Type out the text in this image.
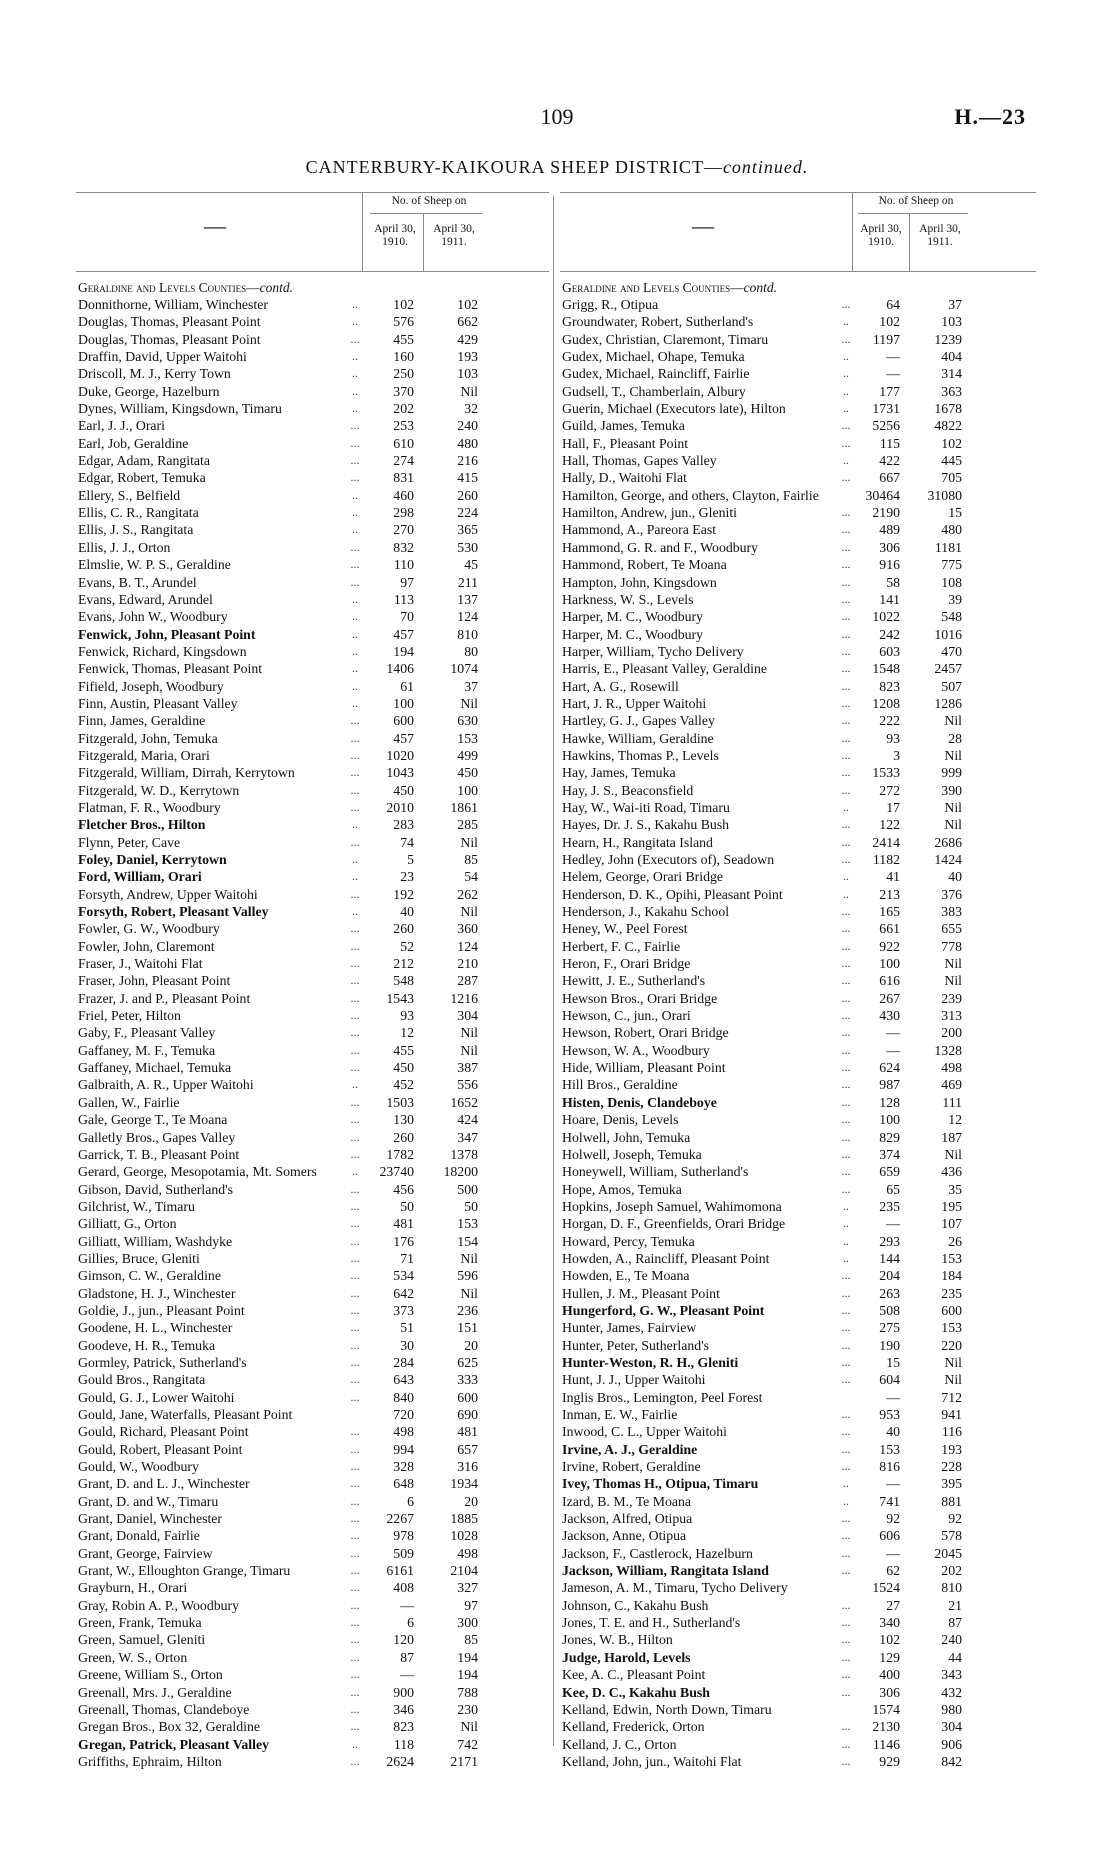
109	H.—23
CANTERBURY-KAIKOURA SHEEP DISTRICT—continued.
—
No. of Sheep on
April 30,
1910.
April 30,
1911.
Geraldine and Levels Counties—contd.
Donnithorne, William, Winchester	..	102	102
Douglas, Thomas, Pleasant Point	..	576	662
Douglas, Thomas, Pleasant Point	...	455	429
Draffin, David, Upper Waitohi	..	160	193
Driscoll, M. J., Kerry Town	..	250	103
Duke, George, Hazelburn	..	370	Nil
Dynes, William, Kingsdown, Timaru	..	202	32
Earl, J. J., Orari	...	253	240
Earl, Job, Geraldine	...	610	480
Edgar, Adam, Rangitata	...	274	216
Edgar, Robert, Temuka	...	831	415
Ellery, S., Belfield	..	460	260
Ellis, C. R., Rangitata	..	298	224
Ellis, J. S., Rangitata	..	270	365
Ellis, J. J., Orton	...	832	530
Elmslie, W. P. S., Geraldine	...	110	45
Evans, B. T., Arundel	...	97	211
Evans, Edward, Arundel	..	113	137
Evans, John W., Woodbury	..	70	124
Fenwick, John, Pleasant Point	..	457	810
Fenwick, Richard, Kingsdown	..	194	80
Fenwick, Thomas, Pleasant Point	..	1406	1074
Fifield, Joseph, Woodbury	..	61	37
Finn, Austin, Pleasant Valley	..	100	Nil
Finn, James, Geraldine	...	600	630
Fitzgerald, John, Temuka	...	457	153
Fitzgerald, Maria, Orari	...	1020	499
Fitzgerald, William, Dirrah, Kerrytown	...	1043	450
Fitzgerald, W. D., Kerrytown	...	450	100
Flatman, F. R., Woodbury	...	2010	1861
Fletcher Bros., Hilton	..	283	285
Flynn, Peter, Cave	...	74	Nil
Foley, Daniel, Kerrytown	..	5	85
Ford, William, Orari	..	23	54
Forsyth, Andrew, Upper Waitohi	...	192	262
Forsyth, Robert, Pleasant Valley	..	40	Nil
Fowler, G. W., Woodbury	...	260	360
Fowler, John, Claremont	...	52	124
Fraser, J., Waitohi Flat	...	212	210
Fraser, John, Pleasant Point	...	548	287
Frazer, J. and P., Pleasant Point	...	1543	1216
Friel, Peter, Hilton	...	93	304
Gaby, F., Pleasant Valley	...	12	Nil
Gaffaney, M. F., Temuka	...	455	Nil
Gaffaney, Michael, Temuka	...	450	387
Galbraith, A. R., Upper Waitohi	..	452	556
Gallen, W., Fairlie	...	1503	1652
Gale, George T., Te Moana	...	130	424
Galletly Bros., Gapes Valley	...	260	347
Garrick, T. B., Pleasant Point	...	1782	1378
Gerard, George, Mesopotamia, Mt. Somers	..	23740	18200
Gibson, David, Sutherland's	...	456	500
Gilchrist, W., Timaru	...	50	50
Gilliatt, G., Orton	...	481	153
Gilliatt, William, Washdyke	...	176	154
Gillies, Bruce, Gleniti	...	71	Nil
Gimson, C. W., Geraldine	...	534	596
Gladstone, H. J., Winchester	...	642	Nil
Goldie, J., jun., Pleasant Point	...	373	236
Goodene, H. L., Winchester	...	51	151
Goodeve, H. R., Temuka	...	30	20
Gormley, Patrick, Sutherland's	...	284	625
Gould Bros., Rangitata	...	643	333
Gould, G. J., Lower Waitohi	...	840	600
Gould, Jane, Waterfalls, Pleasant Point	720	690
Gould, Richard, Pleasant Point	...	498	481
Gould, Robert, Pleasant Point	...	994	657
Gould, W., Woodbury	...	328	316
Grant, D. and L. J., Winchester	...	648	1934
Grant, D. and W., Timaru	...	6	20
Grant, Daniel, Winchester	...	2267	1885
Grant, Donald, Fairlie	...	978	1028
Grant, George, Fairview	...	509	498
Grant, W., Elloughton Grange, Timaru	...	6161	2104
Grayburn, H., Orari	...	408	327
Gray, Robin A. P., Woodbury	...	—	97
Green, Frank, Temuka	...	6	300
Green, Samuel, Gleniti	...	120	85
Green, W. S., Orton	...	87	194
Greene, William S., Orton	...	—	194
Greenall, Mrs. J., Geraldine	...	900	788
Greenall, Thomas, Clandeboye	...	346	230
Gregan Bros., Box 32, Geraldine	...	823	Nil
Gregan, Patrick, Pleasant Valley	..	118	742
Griffiths, Ephraim, Hilton	...	2624	2171
—
No. of Sheep on
April 30,
1910.
April 30,
1911.
Geraldine and Levels Counties—contd.
Grigg, R., Otipua	...	64	37
Groundwater, Robert, Sutherland's	..	102	103
Gudex, Christian, Claremont, Timaru	...	1197	1239
Gudex, Michael, Ohape, Temuka	..	—	404
Gudex, Michael, Raincliff, Fairlie	..	—	314
Gudsell, T., Chamberlain, Albury	..	177	363
Guerin, Michael (Executors late), Hilton	..	1731	1678
Guild, James, Temuka	...	5256	4822
Hall, F., Pleasant Point	...	115	102
Hall, Thomas, Gapes Valley	..	422	445
Hally, D., Waitohi Flat	...	667	705
Hamilton, George, and others, Clayton, Fairlie	30464	31080
Hamilton, Andrew, jun., Gleniti	...	2190	15
Hammond, A., Pareora East	...	489	480
Hammond, G. R. and F., Woodbury	...	306	1181
Hammond, Robert, Te Moana	...	916	775
Hampton, John, Kingsdown	...	58	108
Harkness, W. S., Levels	...	141	39
Harper, M. C., Woodbury	...	1022	548
Harper, M. C., Woodbury	...	242	1016
Harper, William, Tycho Delivery	...	603	470
Harris, E., Pleasant Valley, Geraldine	...	1548	2457
Hart, A. G., Rosewill	...	823	507
Hart, J. R., Upper Waitohi	...	1208	1286
Hartley, G. J., Gapes Valley	...	222	Nil
Hawke, William, Geraldine	...	93	28
Hawkins, Thomas P., Levels	...	3	Nil
Hay, James, Temuka	...	1533	999
Hay, J. S., Beaconsfield	...	272	390
Hay, W., Wai-iti Road, Timaru	..	17	Nil
Hayes, Dr. J. S., Kakahu Bush	...	122	Nil
Hearn, H., Rangitata Island	...	2414	2686
Hedley, John (Executors of), Seadown	...	1182	1424
Helem, George, Orari Bridge	..	41	40
Henderson, D. K., Opihi, Pleasant Point	..	213	376
Henderson, J., Kakahu School	...	165	383
Heney, W., Peel Forest	...	661	655
Herbert, F. C., Fairlie	...	922	778
Heron, F., Orari Bridge	...	100	Nil
Hewitt, J. E., Sutherland's	...	616	Nil
Hewson Bros., Orari Bridge	...	267	239
Hewson, C., jun., Orari	...	430	313
Hewson, Robert, Orari Bridge	...	—	200
Hewson, W. A., Woodbury	...	—	1328
Hide, William, Pleasant Point	...	624	498
Hill Bros., Geraldine	...	987	469
Histen, Denis, Clandeboye	...	128	111
Hoare, Denis, Levels	...	100	12
Holwell, John, Temuka	...	829	187
Holwell, Joseph, Temuka	...	374	Nil
Honeywell, William, Sutherland's	...	659	436
Hope, Amos, Temuka	...	65	35
Hopkins, Joseph Samuel, Wahimomona	..	235	195
Horgan, D. F., Greenfields, Orari Bridge	..	—	107
Howard, Percy, Temuka	..	293	26
Howden, A., Raincliff, Pleasant Point	..	144	153
Howden, E., Te Moana	...	204	184
Hullen, J. M., Pleasant Point	...	263	235
Hungerford, G. W., Pleasant Point	...	508	600
Hunter, James, Fairview	...	275	153
Hunter, Peter, Sutherland's	...	190	220
Hunter-Weston, R. H., Gleniti	...	15	Nil
Hunt, J. J., Upper Waitohi	...	604	Nil
Inglis Bros., Lemington, Peel Forest	—	712
Inman, E. W., Fairlie	...	953	941
Inwood, C. L., Upper Waitohi	...	40	116
Irvine, A. J., Geraldine	...	153	193
Irvine, Robert, Geraldine	...	816	228
Ivey, Thomas H., Otipua, Timaru	..	—	395
Izard, B. M., Te Moana	..	741	881
Jackson, Alfred, Otipua	...	92	92
Jackson, Anne, Otipua	...	606	578
Jackson, F., Castlerock, Hazelburn	...	—	2045
Jackson, William, Rangitata Island	...	62	202
Jameson, A. M., Timaru, Tycho Delivery	1524	810
Johnson, C., Kakahu Bush	...	27	21
Jones, T. E. and H., Sutherland's	...	340	87
Jones, W. B., Hilton	...	102	240
Judge, Harold, Levels	...	129	44
Kee, A. C., Pleasant Point	...	400	343
Kee, D. C., Kakahu Bush	...	306	432
Kelland, Edwin, North Down, Timaru	1574	980
Kelland, Frederick, Orton	...	2130	304
Kelland, J. C., Orton	...	1146	906
Kelland, John, jun., Waitohi Flat	...	929	842
